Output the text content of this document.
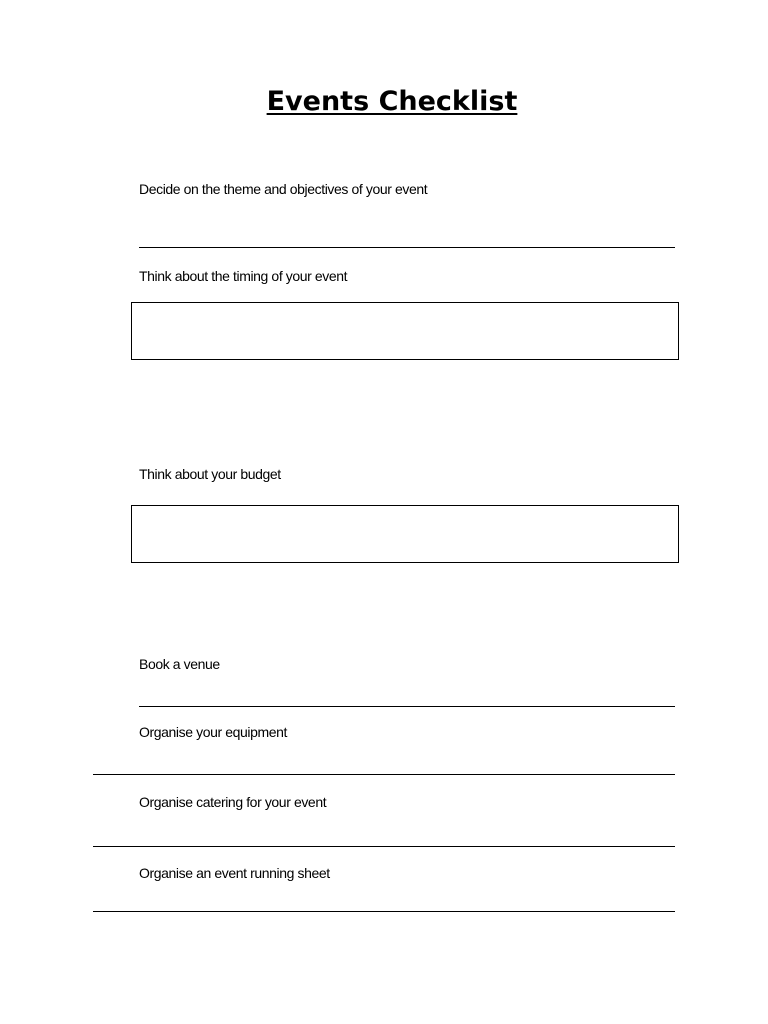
Events Checklist
Decide on the theme and objectives of your event
Think about the timing of your event
Think about your budget
Book a venue
Organise your equipment
Organise catering for your event
Organise an event running sheet
